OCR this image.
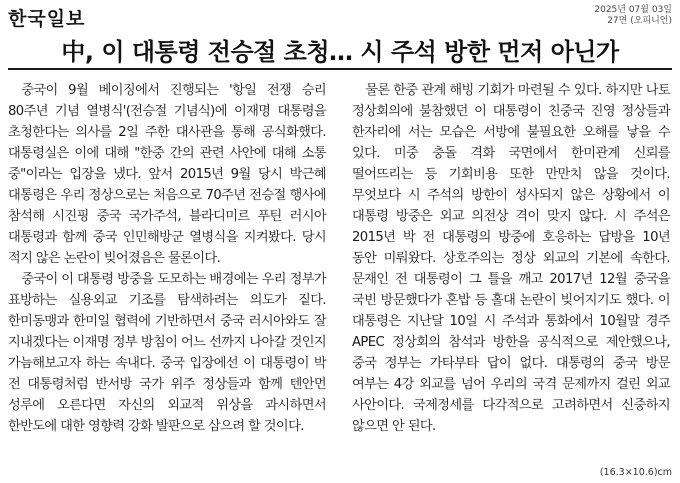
한국일보	2025년 07월 03일
27면 (오피니언)
中, 이 대통령 전승절 초청… 시 주석 방한 먼저 아닌가

중국이 9월 베이징에서 진행되는 '항일 전쟁 승리 80주년 기념 열병식'(전승절 기념식)에 이재명 대통령을 초청한다는 의사를 2일 주한 대사관을 통해 공식화했다. 대통령실은 이에 대해 "한중 간의 관련 사안에 대해 소통 중"이라는 입장을 냈다. 앞서 2015년 9월 당시 박근혜 대통령은 우리 정상으로는 처음으로 70주년 전승절 행사에 참석해 시진핑 중국 국가주석, 블라디미르 푸틴 러시아 대통령과 함께 중국 인민해방군 열병식을 지켜봤다. 당시 적지 않은 논란이 빚어졌음은 물론이다.

중국이 이 대통령 방중을 도모하는 배경에는 우리 정부가 표방하는 실용외교 기조를 탐색하려는 의도가 짙다. 한미동맹과 한미일 협력에 기반하면서 중국 러시아와도 잘 지내겠다는 이재명 정부 방침이 어느 선까지 나아갈 것인지 가늠해보고자 하는 속내다. 중국 입장에선 이 대통령이 박 전 대통령처럼 반서방 국가 위주 정상들과 함께 텐안먼 성루에 오른다면 자신의 외교적 위상을 과시하면서 한반도에 대한 영향력 강화 발판으로 삼으려 할 것이다.

물론 한중 관계 해빙 기회가 마련될 수 있다. 하지만 나토 정상회의에 불참했던 이 대통령이 친중국 진영 정상들과 한자리에 서는 모습은 서방에 불필요한 오해를 낳을 수 있다. 미중 충돌 격화 국면에서 한미관계 신뢰를 떨어뜨리는 등 기회비용 또한 만만치 않을 것이다. 무엇보다 시 주석의 방한이 성사되지 않은 상황에서 이 대통령 방중은 외교 의전상 격이 맞지 않다. 시 주석은 2015년 박 전 대통령의 방중에 호응하는 답방을 10년 동안 미뤄왔다. 상호주의는 정상 외교의 기본에 속한다. 문재인 전 대통령이 그 틀을 깨고 2017년 12월 중국을 국빈 방문했다가 혼밥 등 홀대 논란이 빚어지기도 했다. 이 대통령은 지난달 10일 시 주석과 통화에서 10월말 경주 APEC 정상회의 참석과 방한을 공식적으로 제안했으나, 중국 정부는 가타부타 답이 없다. 대통령의 중국 방문 여부는 4강 외교를 넘어 우리의 국격 문제까지 걸린 외교 사안이다. 국제정세를 다각적으로 고려하면서 신중하지 않으면 안 된다.

(16.3×10.6)cm
